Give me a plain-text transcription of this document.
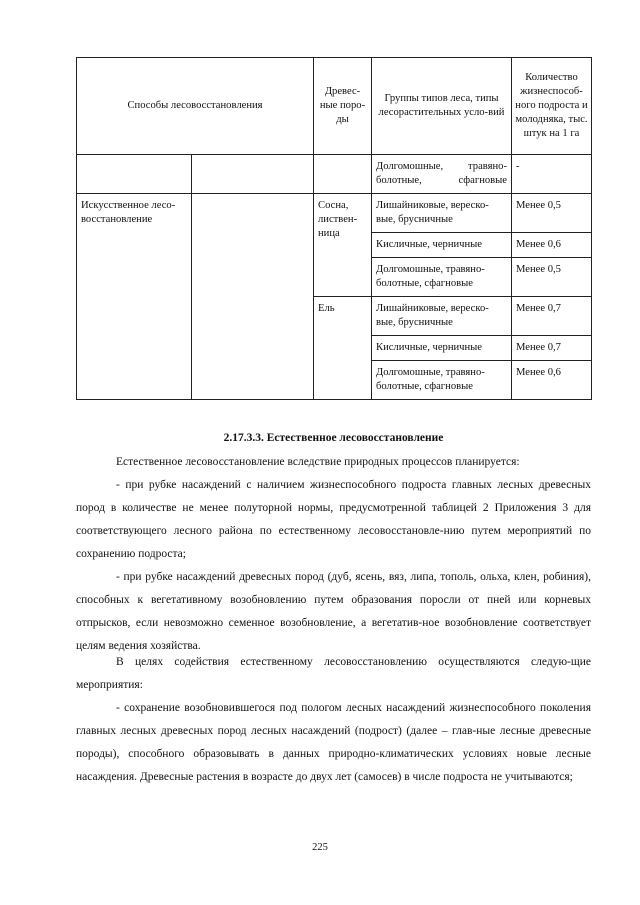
Способы лесовосстановления		Древес-ные поро-ды	Группы типов леса, типы лесорастительных усло-вий	Количество жизнеспособ-ного подроста и молодняка, тыс. штук на 1 га
			Долгомошные, травяно-болотные, сфагновые	-
Искусственное лесо-восстановление		Сосна, листвен-ница	Лишайниковые, вереско-вые, брусничные	Менее 0,5
			Кисличные, черничные	Менее 0,6
			Долгомошные, травяно-болотные, сфагновые	Менее 0,5
		Ель	Лишайниковые, вереско-вые, брусничные	Менее 0,7
			Кисличные, черничные	Менее 0,7
			Долгомошные, травяно-болотные, сфагновые	Менее 0,6
2.17.3.3. Естественное лесовосстановление

Естественное лесовосстановление вследствие природных процессов планируется:

- при рубке насаждений с наличием жизнеспособного подроста главных лесных древесных пород в количестве не менее полуторной нормы, предусмотренной таблицей 2 Приложения 3 для соответствующего лесного района по естественному лесовосстановле-нию путем мероприятий по сохранению подроста;

- при рубке насаждений древесных пород (дуб, ясень, вяз, липа, тополь, ольха, клен, робиния), способных к вегетативному возобновлению путем образования поросли от пней или корневых отпрысков, если невозможно семенное возобновление, а вегетатив-ное возобновление соответствует целям ведения хозяйства.

В целях содействия естественному лесовосстановлению осуществляются следую-щие мероприятия:

- сохранение возобновившегося под пологом лесных насаждений жизнеспособного поколения главных лесных древесных пород лесных насаждений (подрост) (далее – глав-ные лесные древесные породы), способного образовывать в данных природно-климатических условиях новые лесные насаждения. Древесные растения в возрасте до двух лет (самосев) в числе подроста не учитываются;

225
